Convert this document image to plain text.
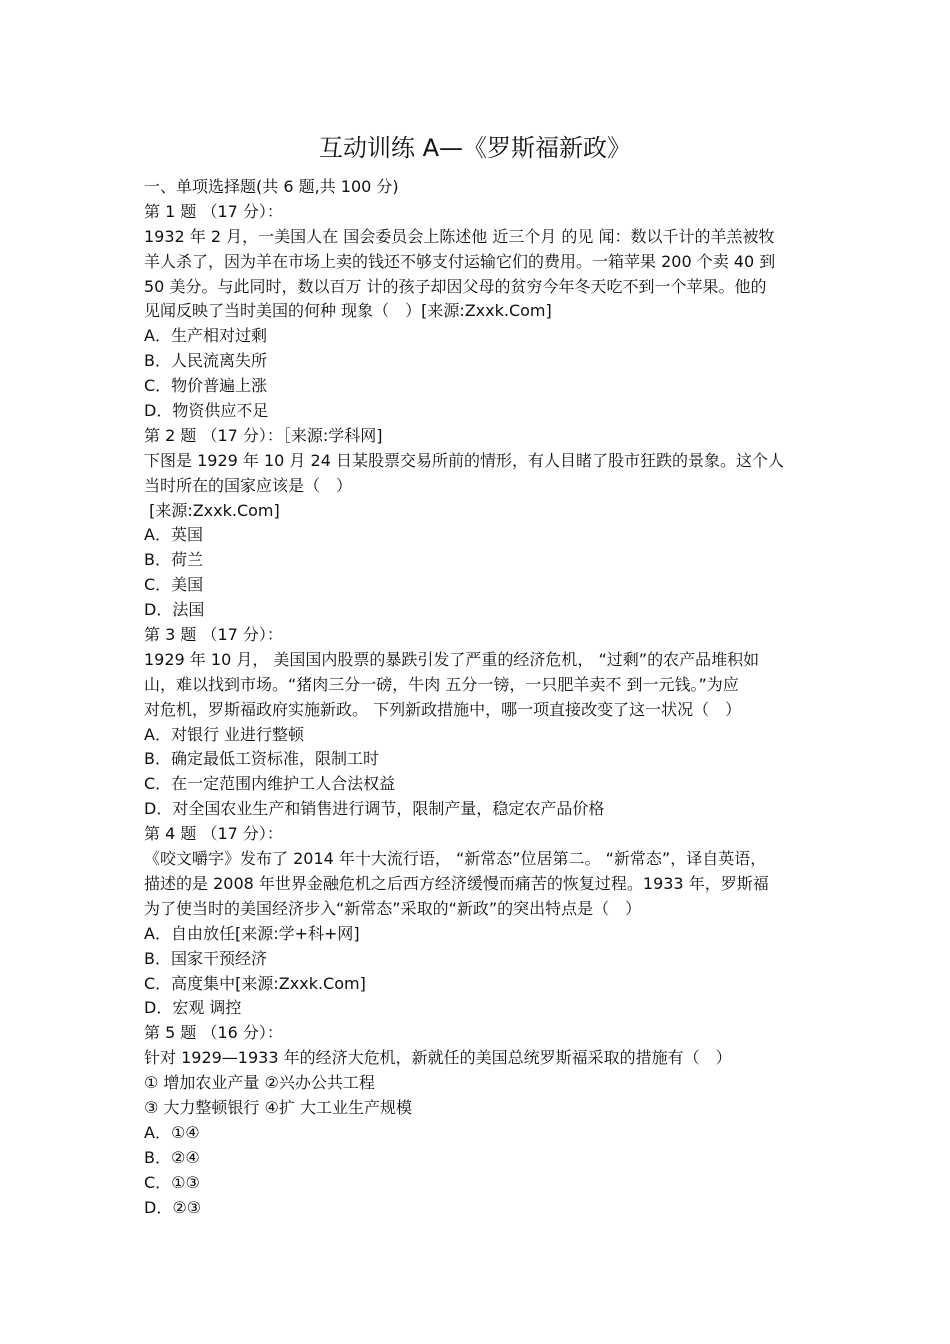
互动训练 A—《罗斯福新政》
一、单项选择题(共 6 题,共 100 分)
第 1 题 （17 分）：
1932 年 2 月，一美国人在 国会委员会上陈述他 近三个月 的见 闻：数以千计的羊羔被牧
羊人杀了，因为羊在市场上卖的钱还不够支付运输它们的费用。一箱苹果 200 个卖 40 到
50 美分。与此同时，数以百万 计的孩子却因父母的贫穷今年冬天吃不到一个苹果。他的
见闻反映了当时美国的何种 现象（　）[来源:Zxxk.Com]
A．生产相对过剩
B．人民流离失所
C．物价普遍上涨
D．物资供应不足
第 2 题 （17 分）：［来源:学科网]
下图是 1929 年 10 月 24 日某股票交易所前的情形，有人目睹了股市狂跌的景象。这个人
当时所在的国家应该是（　）
[来源:Zxxk.Com]
A．英国
B．荷兰
C．美国
D．法国
第 3 题 （17 分）：
1929 年 10 月， 美国国内股票的暴跌引发了严重的经济危机， “过剩”的农产品堆积如
山，难以找到市场。“猪肉三分一磅，牛肉 五分一镑，一只肥羊卖不 到一元钱。”为应
对危机，罗斯福政府实施新政。 下列新政措施中，哪一项直接改变了这一状况（　）
A．对银行 业进行整顿
B．确定最低工资标准，限制工时
C．在一定范围内维护工人合法权益
D．对全国农业生产和销售进行调节，限制产量，稳定农产品价格
第 4 题 （17 分）：
《咬文嚼字》发布了 2014 年十大流行语， “新常态”位居第二。 “新常态”，译自英语，
描述的是 2008 年世界金融危机之后西方经济缓慢而痛苦的恢复过程。1933 年，罗斯福
为了使当时的美国经济步入“新常态”采取的“新政”的突出特点是（　）
A．自由放任[来源:学+科+网]
B．国家干预经济
C．高度集中[来源:Zxxk.Com]
D．宏观 调控
第 5 题 （16 分）：
针对 1929—1933 年的经济大危机，新就任的美国总统罗斯福采取的措施有（　）
① 增加农业产量 ②兴办公共工程
③ 大力整顿银行 ④扩 大工业生产规模
A．①④
B．②④
C．①③
D．②③
